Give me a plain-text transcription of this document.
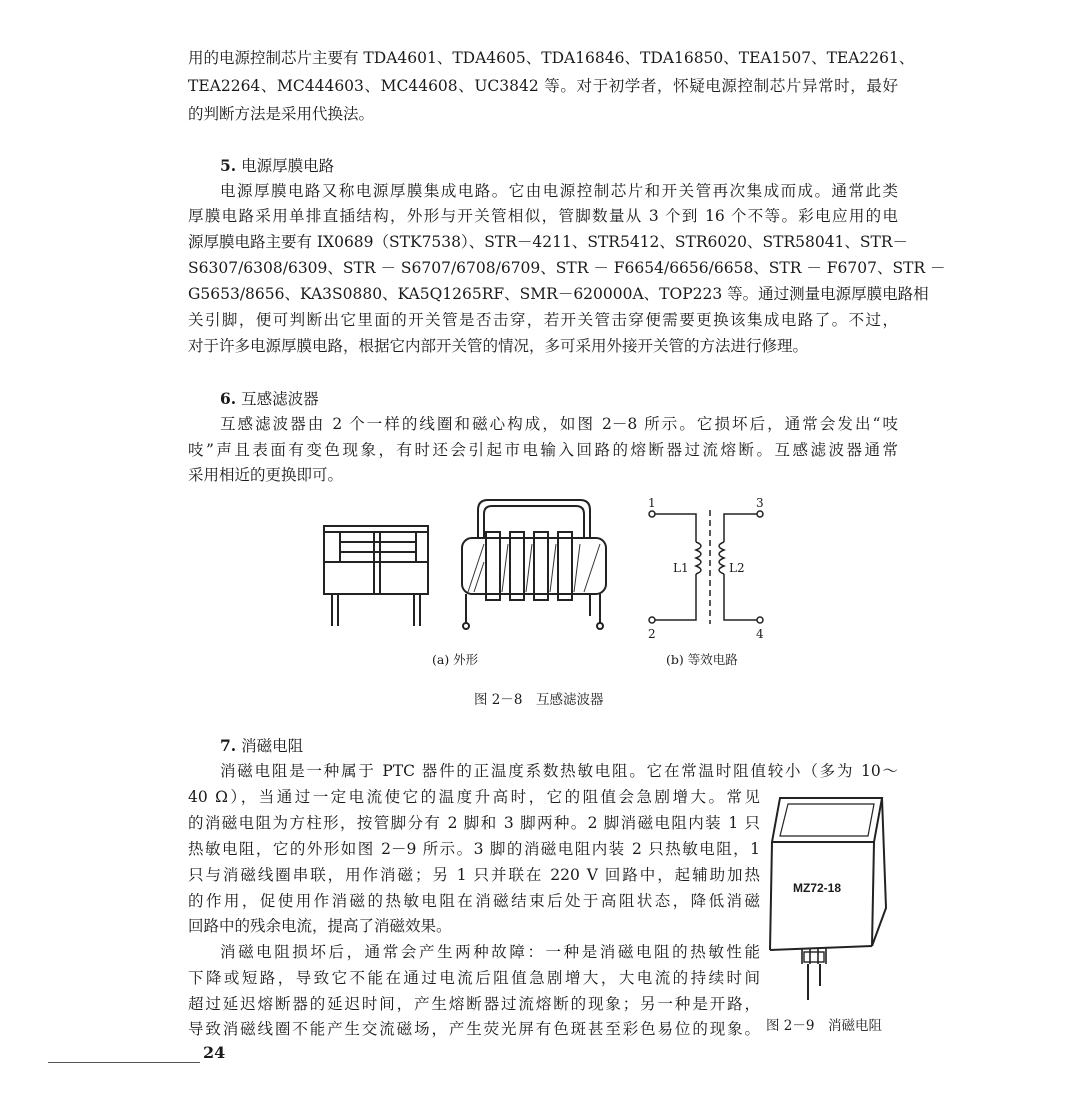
用的电源控制芯片主要有 TDA4601、TDA4605、TDA16846、TDA16850、TEA1507、TEA2261、
TEA2264、MC444603、MC44608、UC3842 等。对于初学者，怀疑电源控制芯片异常时，最好
的判断方法是采用代换法。
5. 电源厚膜电路
电源厚膜电路又称电源厚膜集成电路。它由电源控制芯片和开关管再次集成而成。通常此类
厚膜电路采用单排直插结构，外形与开关管相似，管脚数量从 3 个到 16 个不等。彩电应用的电
源厚膜电路主要有 IX0689（STK7538）、STR－4211、STR5412、STR6020、STR58041、STR－
S6307/6308/6309、STR － S6707/6708/6709、STR － F6654/6656/6658、STR － F6707、STR －
G5653/8656、KA3S0880、KA5Q1265RF、SMR－620000A、TOP223 等。通过测量电源厚膜电路相
关引脚，便可判断出它里面的开关管是否击穿，若开关管击穿便需要更换该集成电路了。不过，
对于许多电源厚膜电路，根据它内部开关管的情况，多可采用外接开关管的方法进行修理。
6. 互感滤波器
互感滤波器由 2 个一样的线圈和磁心构成，如图 2－8 所示。它损坏后，通常会发出“吱
吱”声且表面有变色现象，有时还会引起市电输入回路的熔断器过流熔断。互感滤波器通常
采用相近的更换即可。
1
2
3
4
L1	L2
(a) 外形	(b) 等效电路
图 2－8　互感滤波器
7. 消磁电阻
消磁电阻是一种属于 PTC 器件的正温度系数热敏电阻。它在常温时阻值较小（多为 10～
40 Ω），当通过一定电流使它的温度升高时，它的阻值会急剧增大。常见
的消磁电阻为方柱形，按管脚分有 2 脚和 3 脚两种。2 脚消磁电阻内装 1 只
热敏电阻，它的外形如图 2－9 所示。3 脚的消磁电阻内装 2 只热敏电阻，1
只与消磁线圈串联，用作消磁；另 1 只并联在 220 V 回路中，起辅助加热
的作用，促使用作消磁的热敏电阻在消磁结束后处于高阻状态，降低消磁
回路中的残余电流，提高了消磁效果。
消磁电阻损坏后，通常会产生两种故障：一种是消磁电阻的热敏性能
下降或短路，导致它不能在通过电流后阻值急剧增大，大电流的持续时间
超过延迟熔断器的延迟时间，产生熔断器过流熔断的现象；另一种是开路，
导致消磁线圈不能产生交流磁场，产生荧光屏有色斑甚至彩色易位的现象。
MZ72-18
图 2－9　消磁电阻
24
